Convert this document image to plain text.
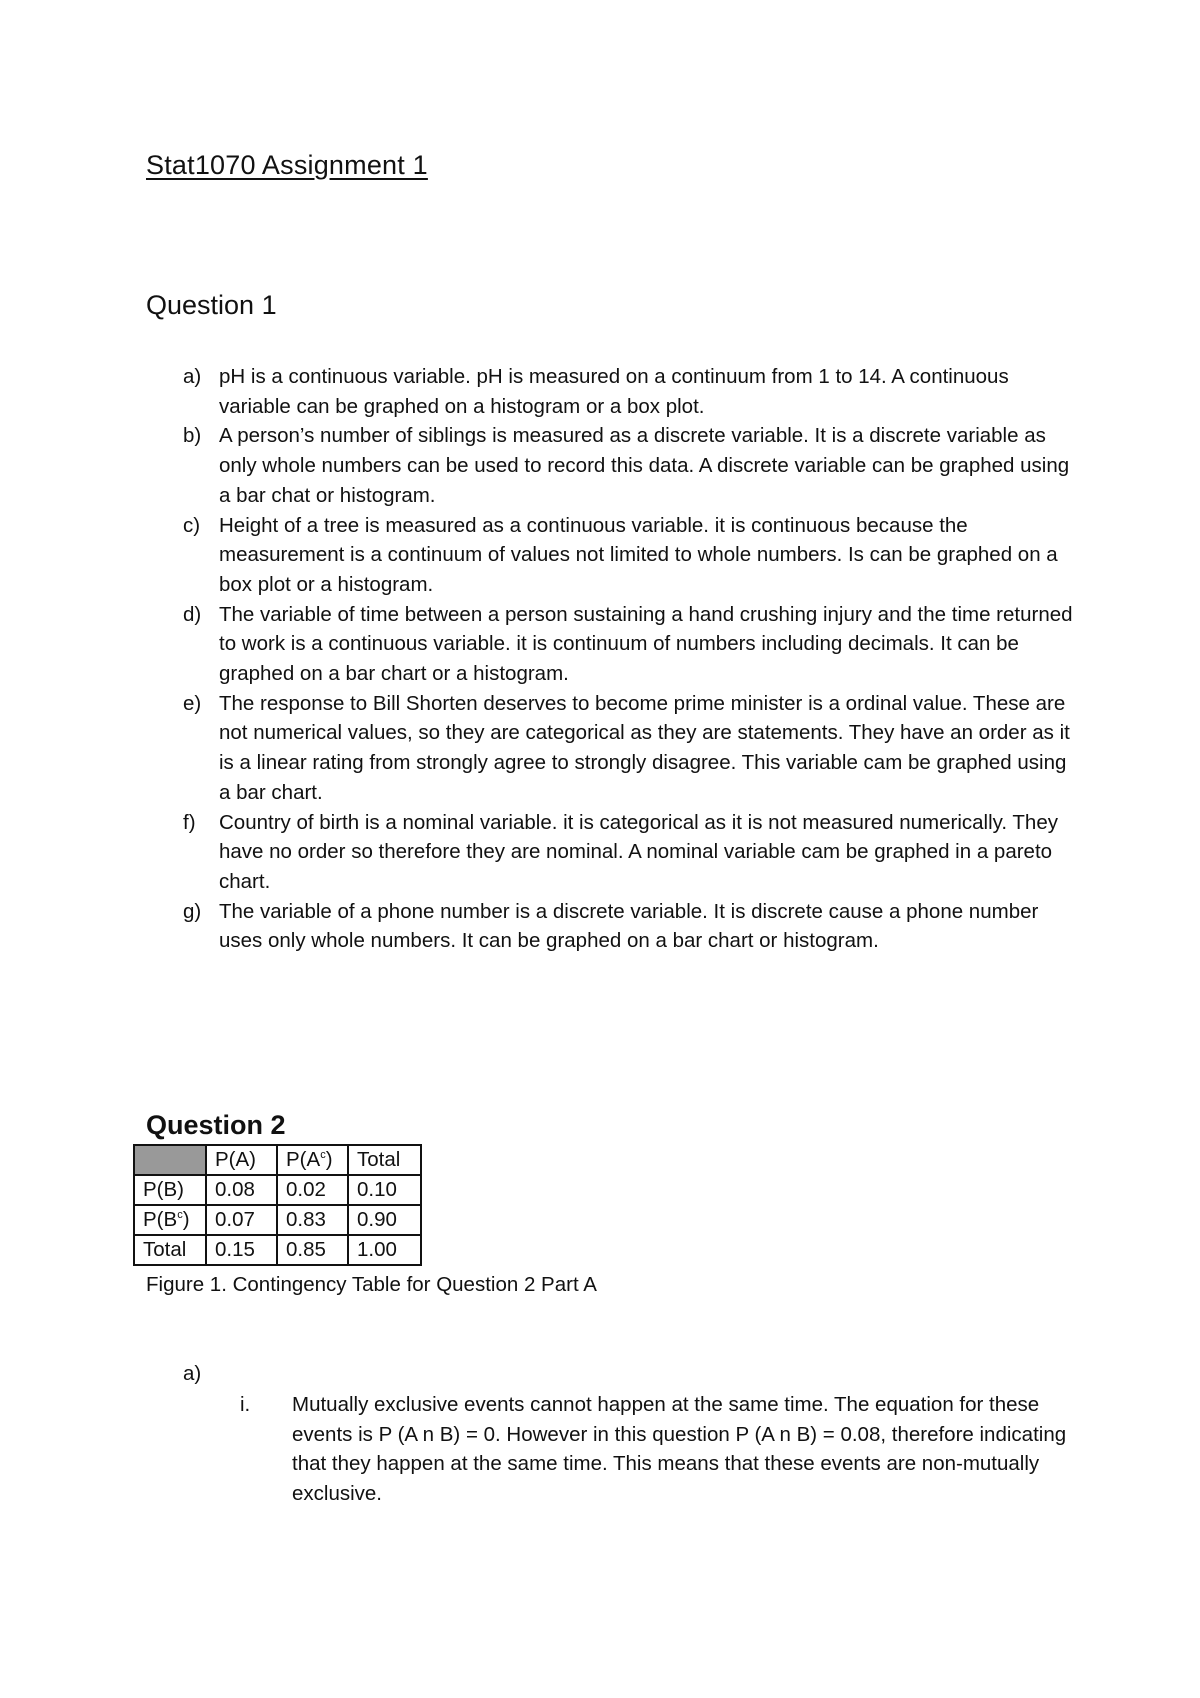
Stat1070 Assignment 1
Question 1
a) pH is a continuous variable. pH is measured on a continuum from 1 to 14. A continuous variable can be graphed on a histogram or a box plot.
b) A person’s number of siblings is measured as a discrete variable. It is a discrete variable as only whole numbers can be used to record this data. A discrete variable can be graphed using a bar chat or histogram.
c) Height of a tree is measured as a continuous variable. it is continuous because the measurement is a continuum of values not limited to whole numbers. Is can be graphed on a box plot or a histogram.
d) The variable of time between a person sustaining a hand crushing injury and the time returned to work is a continuous variable. it is continuum of numbers including decimals. It can be graphed on a bar chart or a histogram.
e) The response to Bill Shorten deserves to become prime minister is a ordinal value. These are not numerical values, so they are categorical as they are statements. They have an order as it is a linear rating from strongly agree to strongly disagree. This variable cam be graphed using a bar chart.
f) Country of birth is a nominal variable. it is categorical as it is not measured numerically. They have no order so therefore they are nominal. A nominal variable cam be graphed in a pareto chart.
g) The variable of a phone number is a discrete variable. It is discrete cause a phone number uses only whole numbers. It can be graphed on a bar chart or histogram.
Question 2
	P(A)	$P(A^c)$	Total
P(B)	0.08	0.02	0.10
$P(B^c)$	0.07	0.83	0.90
Total	0.15	0.85	1.00

Figure 1. Contingency Table for Question 2 Part A

a)
i. Mutually exclusive events cannot happen at the same time. The equation for these events is P (A n B) = 0. However in this question P (A n B) = 0.08, therefore indicating that they happen at the same time. This means that these events are non-mutually exclusive.
